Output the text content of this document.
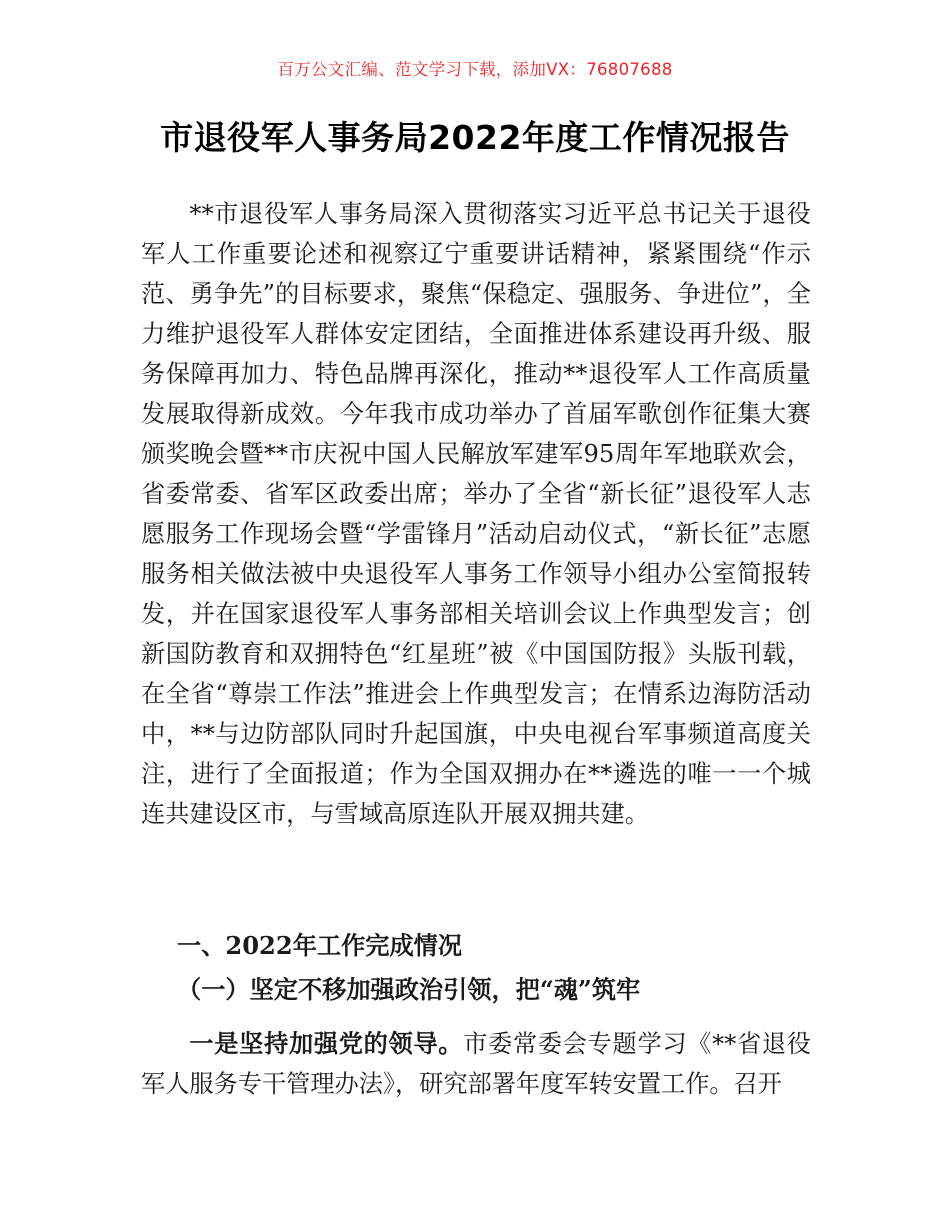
百万公文汇编、范文学习下载，添加VX：76807688
市退役军人事务局2022年度工作情况报告

**市退役军人事务局深入贯彻落实习近平总书记关于退役军人工作重要论述和视察辽宁重要讲话精神，紧紧围绕“作示范、勇争先”的目标要求，聚焦“保稳定、强服务、争进位”，全力维护退役军人群体安定团结，全面推进体系建设再升级、服务保障再加力、特色品牌再深化，推动**退役军人工作高质量发展取得新成效。今年我市成功举办了首届军歌创作征集大赛颁奖晚会暨**市庆祝中国人民解放军建军95周年军地联欢会，省委常委、省军区政委出席；举办了全省“新长征”退役军人志愿服务工作现场会暨“学雷锋月”活动启动仪式，“新长征”志愿服务相关做法被中央退役军人事务工作领导小组办公室简报转发，并在国家退役军人事务部相关培训会议上作典型发言；创新国防教育和双拥特色“红星班”被《中国国防报》头版刊载，在全省“尊崇工作法”推进会上作典型发言；在情系边海防活动中，**与边防部队同时升起国旗，中央电视台军事频道高度关注，进行了全面报道；作为全国双拥办在**遴选的唯一一个城连共建设区市，与雪域高原连队开展双拥共建。

一、2022年工作完成情况

（一）坚定不移加强政治引领，把“魂”筑牢

一是坚持加强党的领导。市委常委会专题学习《**省退役军人服务专干管理办法》，研究部署年度军转安置工作。召开
